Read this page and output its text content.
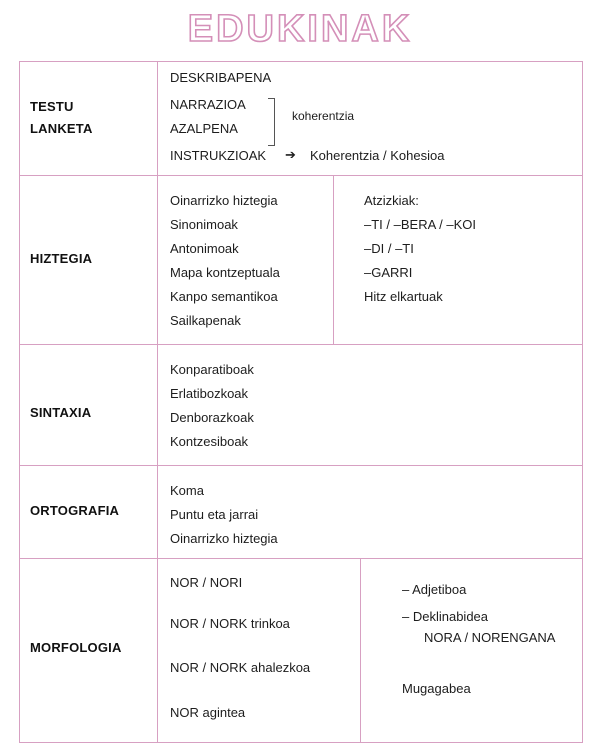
EDUKINAK
TESTU
LANKETA
DESKRIBAPENA
NARRAZIOA
AZALPENA
koherentzia
INSTRUKZIOAK ➔ Koherentzia / Kohesioa
HIZTEGIA
Oinarrizko hiztegia
Sinonimoak
Antonimoak
Mapa kontzeptuala
Kanpo semantikoa
Sailkapenak
Atzizkiak:
–TI / –BERA / –KOI
–DI / –TI
–GARRI
Hitz elkartuak
SINTAXIA
Konparatiboak
Erlatibozkoak
Denborazkoak
Kontzesiboak
ORTOGRAFIA
Koma
Puntu eta jarrai
Oinarrizko hiztegia
MORFOLOGIA
NOR / NORI
NOR / NORK trinkoa
NOR / NORK ahalezkoa
NOR agintea
– Adjetiboa
– Deklinabidea
NORA / NORENGANA
Mugagabea
